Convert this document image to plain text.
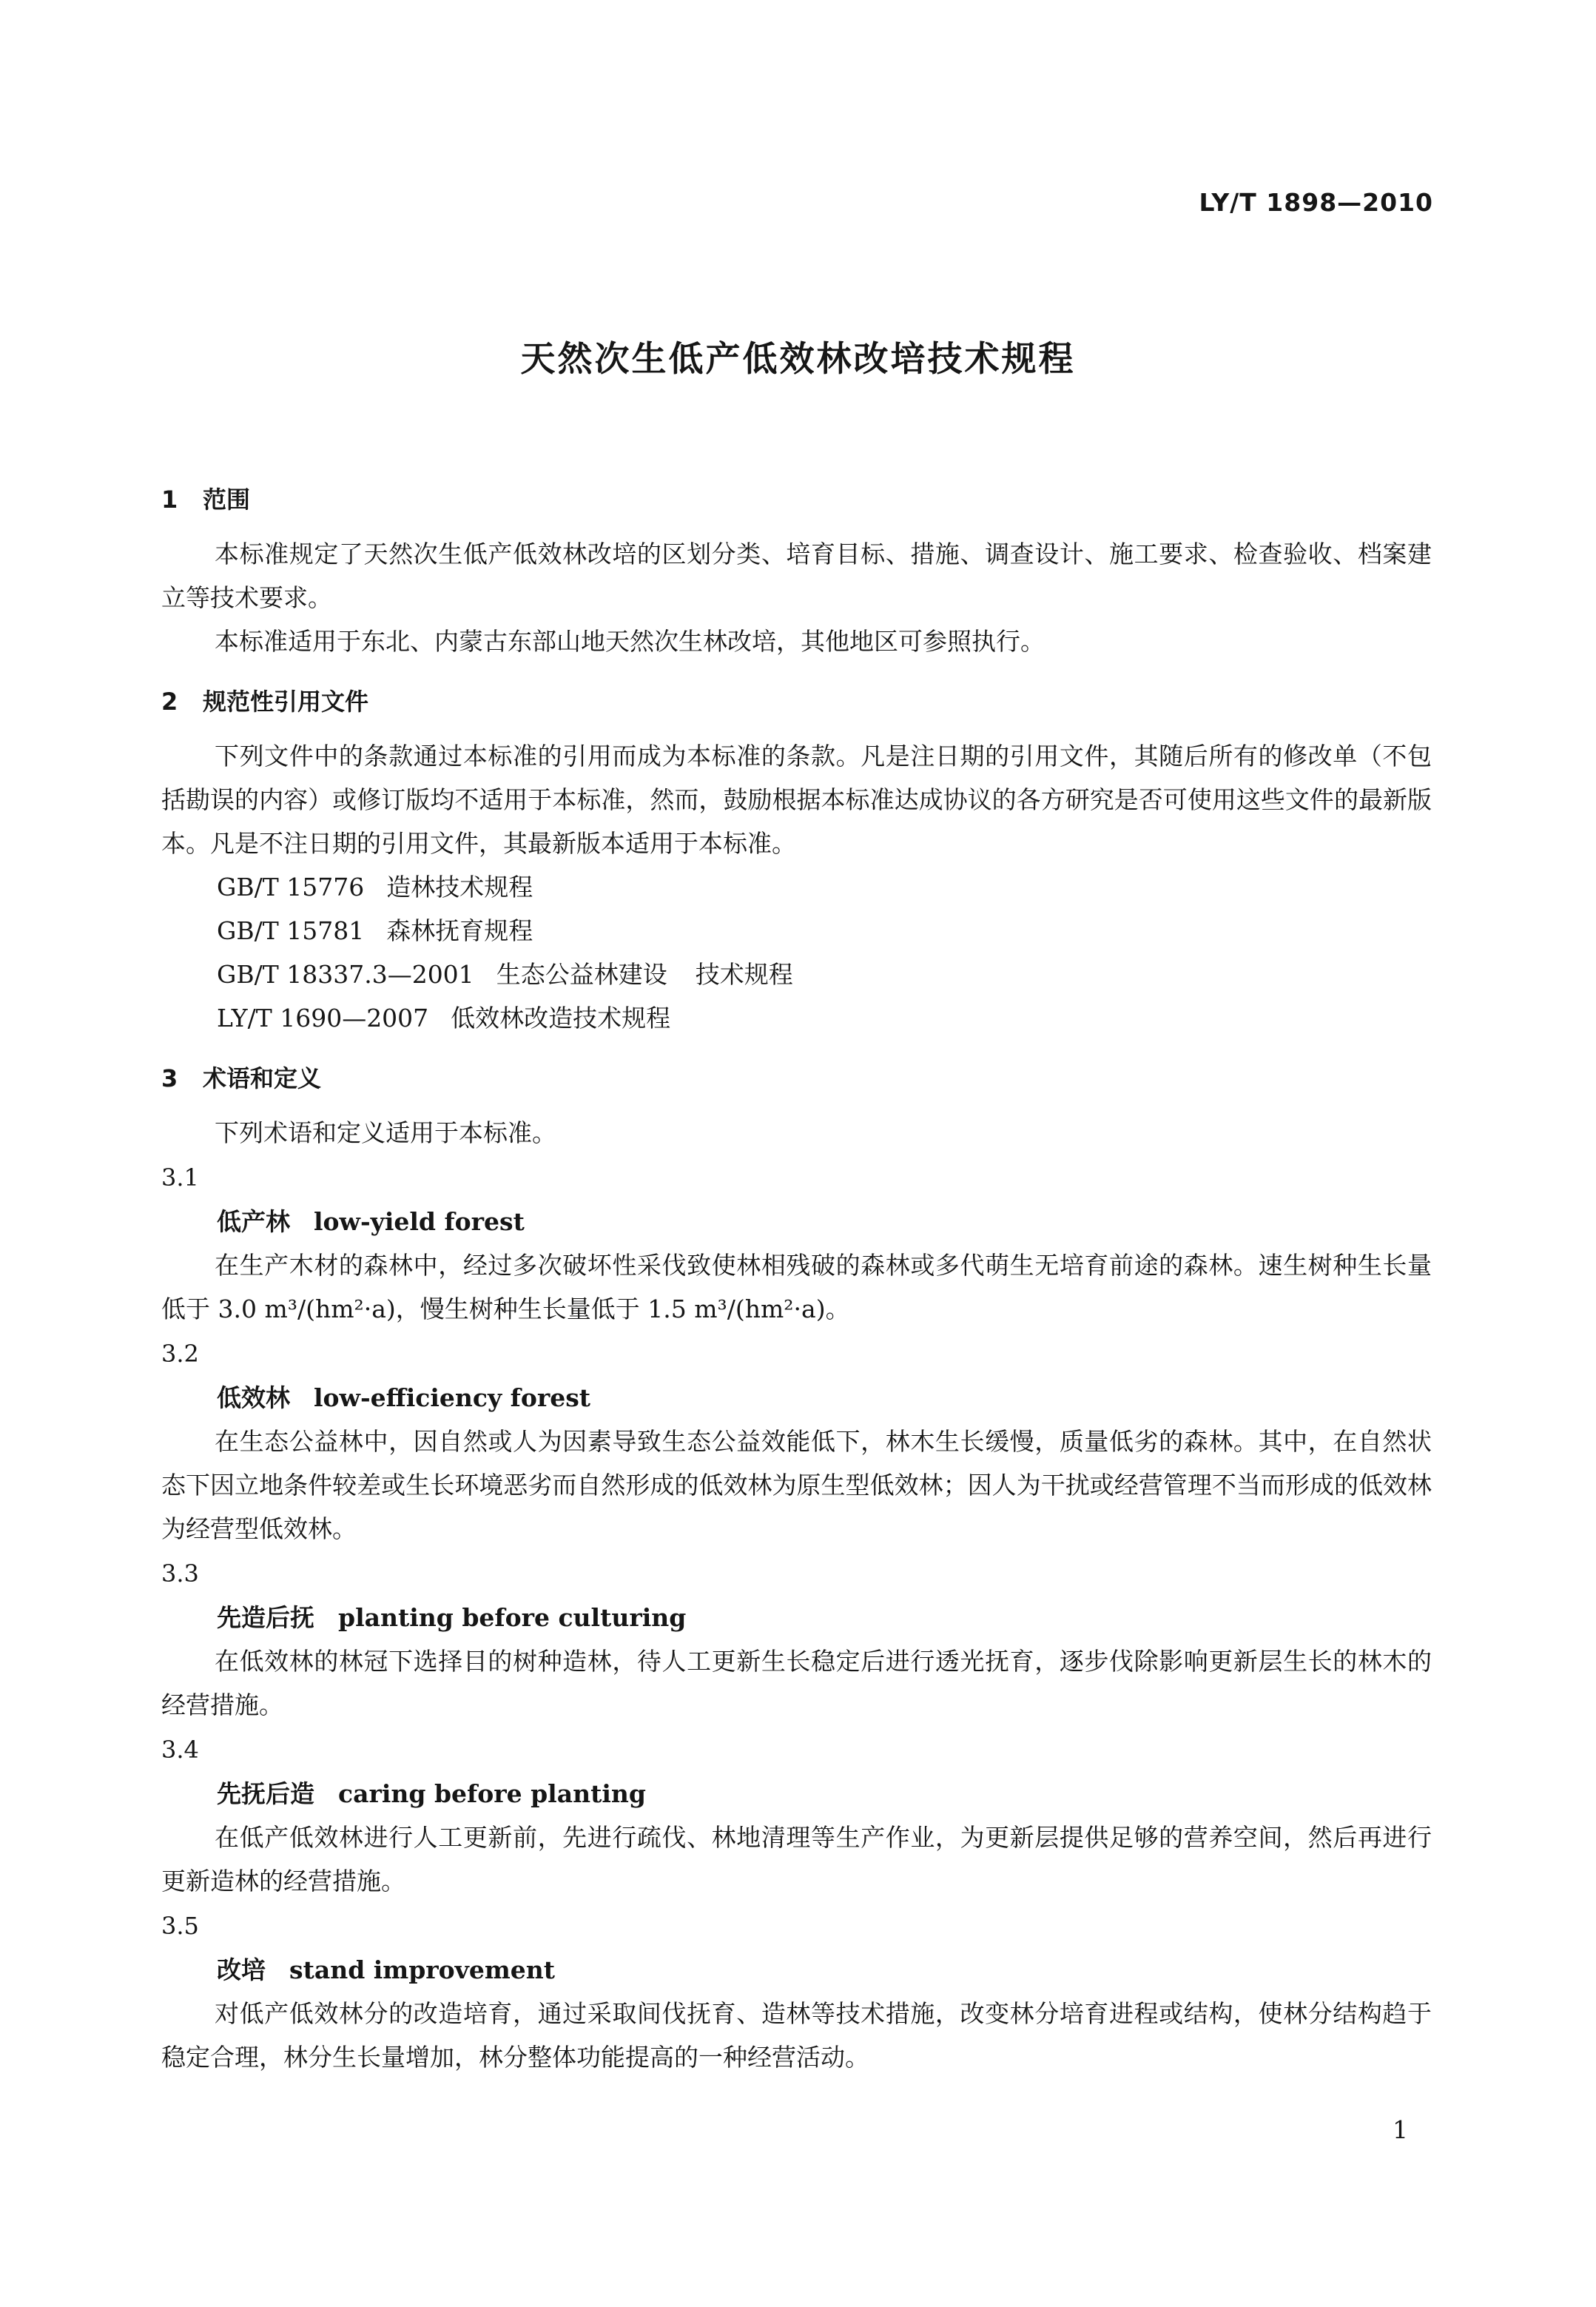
LY/T 1898—2010
天然次生低产低效林改培技术规程
1 范围
本标准规定了天然次生低产低效林改培的区划分类、培育目标、措施、调查设计、施工要求、检查验收、档案建立等技术要求。
本标准适用于东北、内蒙古东部山地天然次生林改培，其他地区可参照执行。
2 规范性引用文件
下列文件中的条款通过本标准的引用而成为本标准的条款。凡是注日期的引用文件，其随后所有的修改单（不包括勘误的内容）或修订版均不适用于本标准，然而，鼓励根据本标准达成协议的各方研究是否可使用这些文件的最新版本。凡是不注日期的引用文件，其最新版本适用于本标准。
GB/T 15776 造林技术规程
GB/T 15781 森林抚育规程
GB/T 18337.3—2001 生态公益林建设 技术规程
LY/T 1690—2007 低效林改造技术规程
3 术语和定义
下列术语和定义适用于本标准。
3.1
低产林 low-yield forest
在生产木材的森林中，经过多次破坏性采伐致使林相残破的森林或多代萌生无培育前途的森林。速生树种生长量低于 3.0 m³/(hm²·a)，慢生树种生长量低于 1.5 m³/(hm²·a)。
3.2
低效林 low-efficiency forest
在生态公益林中，因自然或人为因素导致生态公益效能低下，林木生长缓慢，质量低劣的森林。其中，在自然状态下因立地条件较差或生长环境恶劣而自然形成的低效林为原生型低效林；因人为干扰或经营管理不当而形成的低效林为经营型低效林。
3.3
先造后抚 planting before culturing
在低效林的林冠下选择目的树种造林，待人工更新生长稳定后进行透光抚育，逐步伐除影响更新层生长的林木的经营措施。
3.4
先抚后造 caring before planting
在低产低效林进行人工更新前，先进行疏伐、林地清理等生产作业，为更新层提供足够的营养空间，然后再进行更新造林的经营措施。
3.5
改培 stand improvement
对低产低效林分的改造培育，通过采取间伐抚育、造林等技术措施，改变林分培育进程或结构，使林分结构趋于稳定合理，林分生长量增加，林分整体功能提高的一种经营活动。
1
